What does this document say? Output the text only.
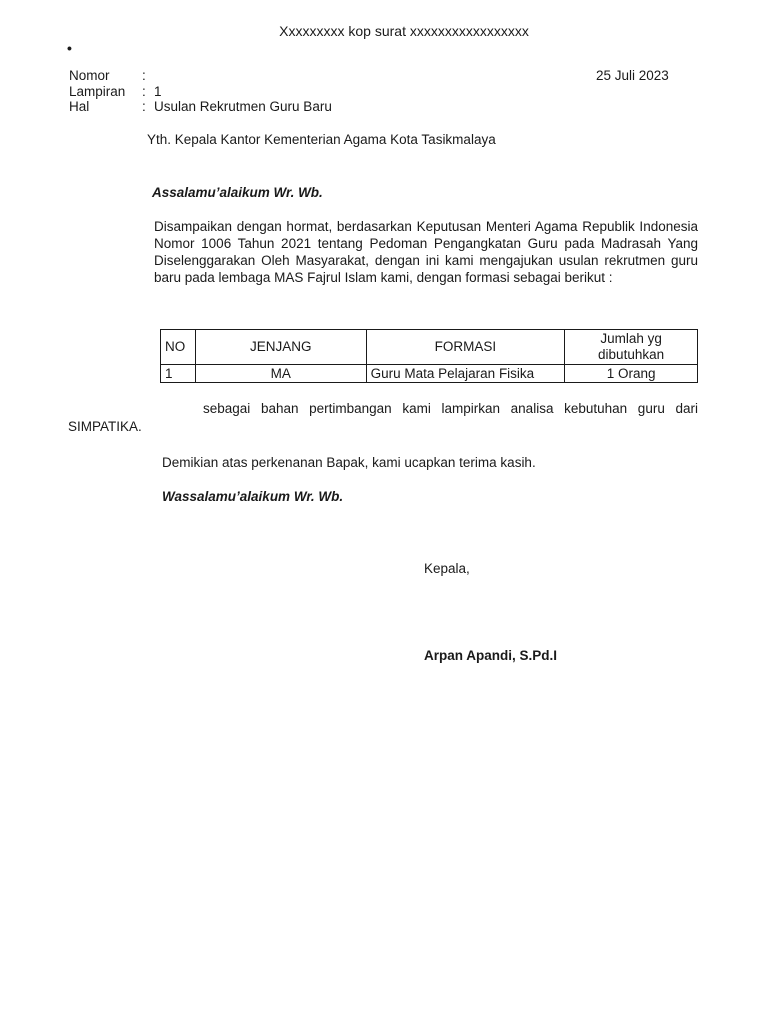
Xxxxxxxxx kop surat xxxxxxxxxxxxxxxxx
•
Nomor :
Lampiran : 1
Hal	: Usulan Rekrutmen Guru Baru
25 Juli 2023
Yth. Kepala Kantor Kementerian Agama Kota Tasikmalaya
Assalamu’alaikum Wr. Wb.
Disampaikan dengan hormat, berdasarkan Keputusan Menteri Agama Republik Indonesia Nomor 1006 Tahun 2021 tentang Pedoman Pengangkatan Guru pada Madrasah Yang Diselenggarakan Oleh Masyarakat, dengan ini kami mengajukan usulan rekrutmen guru baru pada lembaga MAS Fajrul Islam kami, dengan formasi sebagai berikut :
NO	JENJANG	FORMASI	Jumlah yg dibutuhkan
1	MA	Guru Mata Pelajaran Fisika	1 Orang
sebagai bahan pertimbangan kami lampirkan analisa kebutuhan guru dari
SIMPATIKA.
Demikian atas perkenanan Bapak, kami ucapkan terima kasih.
Wassalamu’alaikum Wr. Wb.
Kepala,
Arpan Apandi, S.Pd.I
